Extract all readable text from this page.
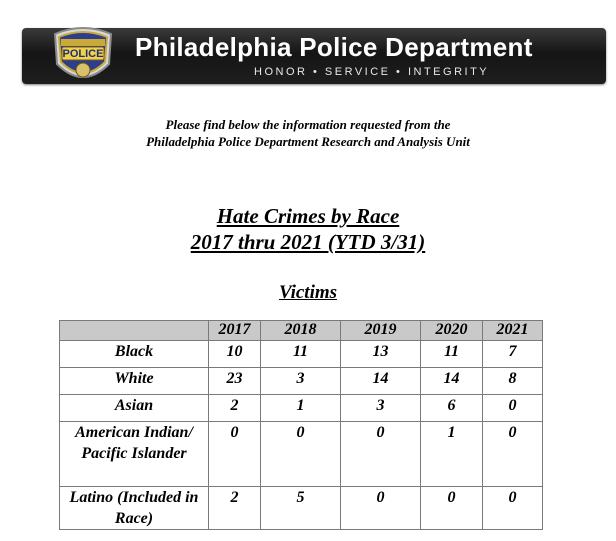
POLICE Philadelphia Police Department
HONOR • SERVICE • INTEGRITY
Please find below the information requested from the
Philadelphia Police Department Research and Analysis Unit
Hate Crimes by Race
2017 thru 2021 (YTD 3/31)
Victims
	2017	2018	2019	2020	2021
Black	10	11	13	11	7
White	23	3	14	14	8
Asian	2	1	3	6	0
American Indian/ Pacific Islander	0	0	0	1	0
Latino (Included in Race)	2	5	0	0	0
